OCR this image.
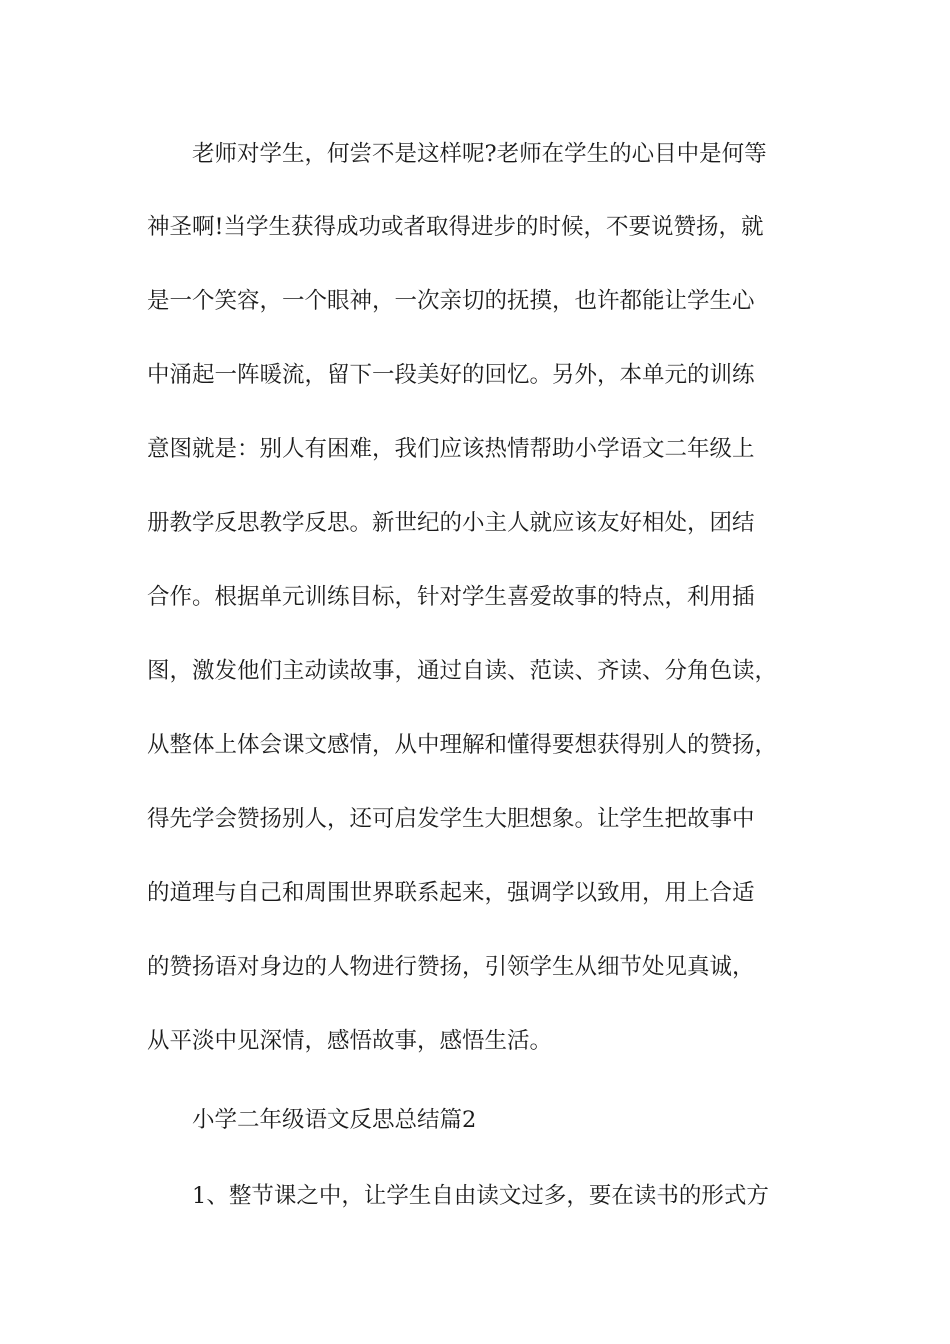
老师对学生，何尝不是这样呢?老师在学生的心目中是何等

神圣啊!当学生获得成功或者取得进步的时候，不要说赞扬，就

是一个笑容，一个眼神，一次亲切的抚摸，也许都能让学生心

中涌起一阵暖流，留下一段美好的回忆。另外，本单元的训练

意图就是：别人有困难，我们应该热情帮助小学语文二年级上

册教学反思教学反思。新世纪的小主人就应该友好相处，团结

合作。根据单元训练目标，针对学生喜爱故事的特点，利用插

图，激发他们主动读故事，通过自读、范读、齐读、分角色读，

从整体上体会课文感情，从中理解和懂得要想获得别人的赞扬，

得先学会赞扬别人，还可启发学生大胆想象。让学生把故事中

的道理与自己和周围世界联系起来，强调学以致用，用上合适

的赞扬语对身边的人物进行赞扬，引领学生从细节处见真诚，

从平淡中见深情，感悟故事，感悟生活。

小学二年级语文反思总结篇2

1、整节课之中，让学生自由读文过多，要在读书的形式方
